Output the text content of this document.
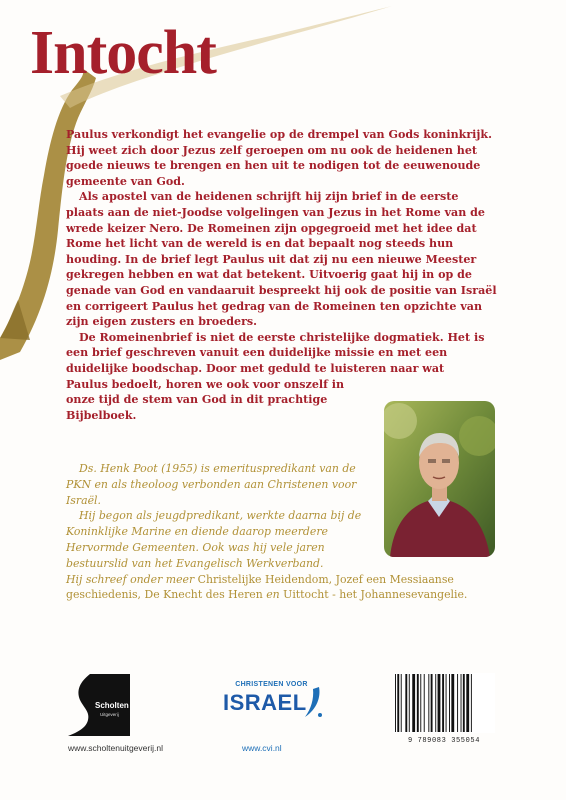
Intocht

Paulus verkondigt het evangelie op de drempel van Gods koninkrijk. Hij weet zich door Jezus zelf geroepen om nu ook de heidenen het goede nieuws te brengen en hen uit te nodigen tot de eeuwenoude gemeente van God.

Als apostel van de heidenen schrijft hij zijn brief in de eerste plaats aan de niet-Joodse volgelingen van Jezus in het Rome van de wrede keizer Nero. De Romeinen zijn opgegroeid met het idee dat Rome het licht van de wereld is en dat bepaalt nog steeds hun houding. In de brief legt Paulus uit dat zij nu een nieuwe Meester gekregen hebben en wat dat betekent. Uitvoerig gaat hij in op de genade van God en vandaaruit bespreekt hij ook de positie van Israël en corrigeert Paulus het gedrag van de Romeinen ten opzichte van zijn eigen zusters en broeders.

De Romeinenbrief is niet de eerste christelijke dogmatiek. Het is een brief geschreven vanuit een duidelijke missie en met een duidelijke boodschap. Door met geduld te luisteren naar wat

Paulus bedoelt, horen we ook voor onszelf in onze tijd de stem van God in dit prachtige Bijbelboek.

Ds. Henk Poot (1955) is emerituspredikant van de PKN en als theoloog verbonden aan Christenen voor Israël.

Hij begon als jeugdpredikant, werkte daarna bij de Koninklijke Marine en diende daarop meerdere Hervormde Gemeenten. Ook was hij vele jaren bestuurslid van het Evangelisch Werkverband.

Hij schreef onder meer Christelijke Heidendom, Jozef een Messiaanse geschiedenis, De Knecht des Heren en Uittocht - het Johannesevangelie.

Scholten
Uitgeverij
CHRISTENEN VOOR
ISRAEL
www.scholtenuitgeverij.nl	www.cvi.nl
9 789083 355054
